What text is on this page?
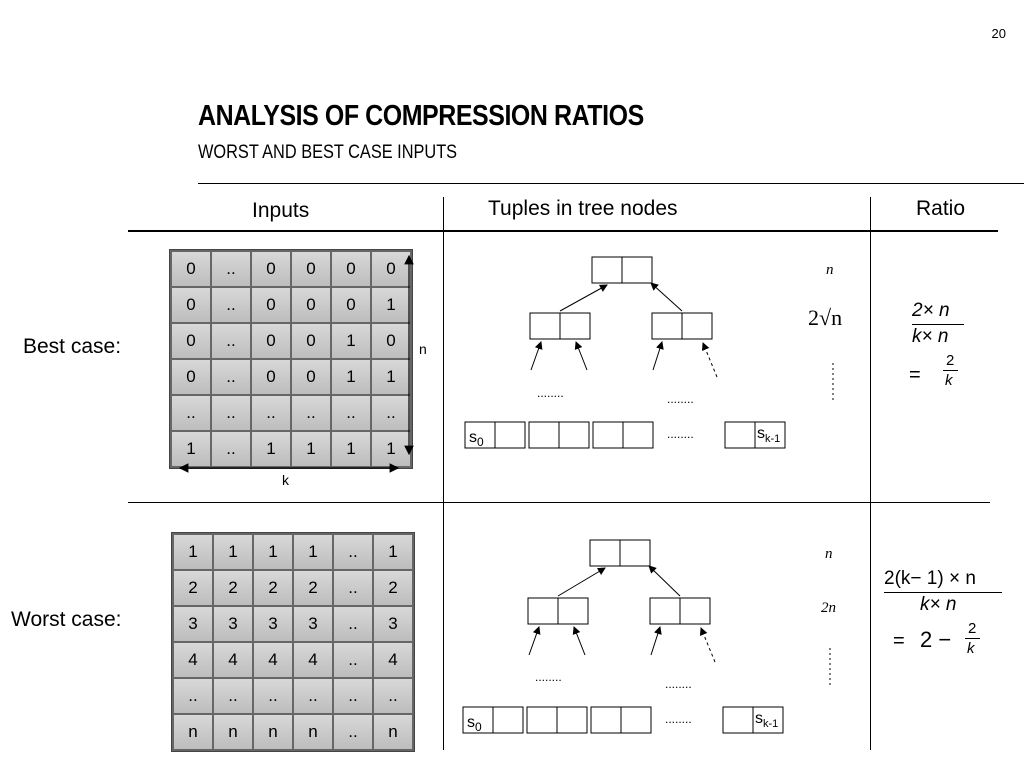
20
ANALYSIS OF COMPRESSION RATIOS
WORST AND BEST CASE INPUTS
Inputs	Tuples in tree nodes	Ratio
Best case:
Worst case:
0	..	0	0	0	0
0	..	0	0	0	1
0	..	0	0	1	0
0	..	0	0	1	1
..	..	..	..	..	..
1	..	1	1	1	1
1	1	1	1	..	1
2	2	2	2	..	2
3	3	3	3	..	3
4	4	4	4	..	4
..	..	..	..	..	..
n	n	n	n	..	n
n
k
........	........
$s_0$	$s_{k-1}$
........
n
2√n	2× n
k× n
=
2
k
........	........
$s_0$	$s_{k-1}$
........
n
2n
2(k− 1) × n
k× n
= 2 − 2
k
